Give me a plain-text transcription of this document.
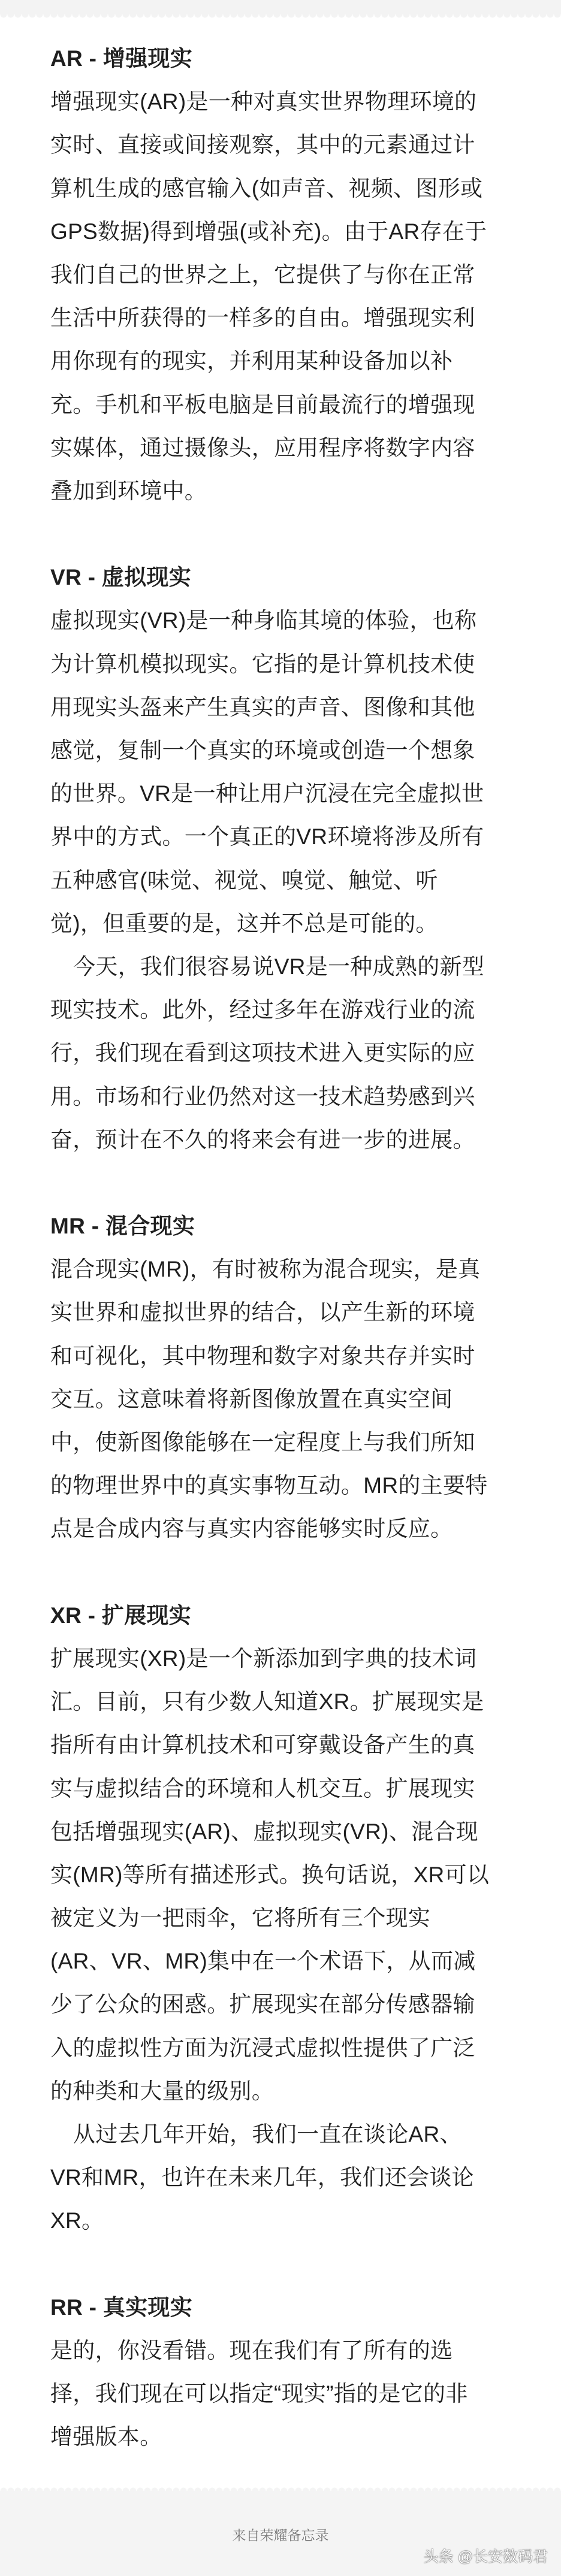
AR - 增强现实
增强现实(AR)是一种对真实世界物理环境的
实时、直接或间接观察，其中的元素通过计
算机生成的感官输入(如声音、视频、图形或
GPS数据)得到增强(或补充)。由于AR存在于
我们自己的世界之上，它提供了与你在正常
生活中所获得的一样多的自由。增强现实利
用你现有的现实，并利用某种设备加以补
充。手机和平板电脑是目前最流行的增强现
实媒体，通过摄像头，应用程序将数字内容
叠加到环境中。
VR - 虚拟现实
虚拟现实(VR)是一种身临其境的体验，也称
为计算机模拟现实。它指的是计算机技术使
用现实头盔来产生真实的声音、图像和其他
感觉，复制一个真实的环境或创造一个想象
的世界。VR是一种让用户沉浸在完全虚拟世
界中的方式。一个真正的VR环境将涉及所有
五种感官(味觉、视觉、嗅觉、触觉、听
觉)，但重要的是，这并不总是可能的。
今天，我们很容易说VR是一种成熟的新型
现实技术。此外，经过多年在游戏行业的流
行，我们现在看到这项技术进入更实际的应
用。市场和行业仍然对这一技术趋势感到兴
奋，预计在不久的将来会有进一步的进展。
MR - 混合现实
混合现实(MR)，有时被称为混合现实，是真
实世界和虚拟世界的结合，以产生新的环境
和可视化，其中物理和数字对象共存并实时
交互。这意味着将新图像放置在真实空间
中，使新图像能够在一定程度上与我们所知
的物理世界中的真实事物互动。MR的主要特
点是合成内容与真实内容能够实时反应。
XR - 扩展现实
扩展现实(XR)是一个新添加到字典的技术词
汇。目前，只有少数人知道XR。扩展现实是
指所有由计算机技术和可穿戴设备产生的真
实与虚拟结合的环境和人机交互。扩展现实
包括增强现实(AR)、虚拟现实(VR)、混合现
实(MR)等所有描述形式。换句话说，XR可以
被定义为一把雨伞，它将所有三个现实
(AR、VR、MR)集中在一个术语下，从而减
少了公众的困惑。扩展现实在部分传感器输
入的虚拟性方面为沉浸式虚拟性提供了广泛
的种类和大量的级别。
从过去几年开始，我们一直在谈论AR、
VR和MR，也许在未来几年，我们还会谈论
XR。
RR - 真实现实
是的，你没看错。现在我们有了所有的选
择，我们现在可以指定“现实”指的是它的非
增强版本。
来自荣耀备忘录
头条 @长安数码君
